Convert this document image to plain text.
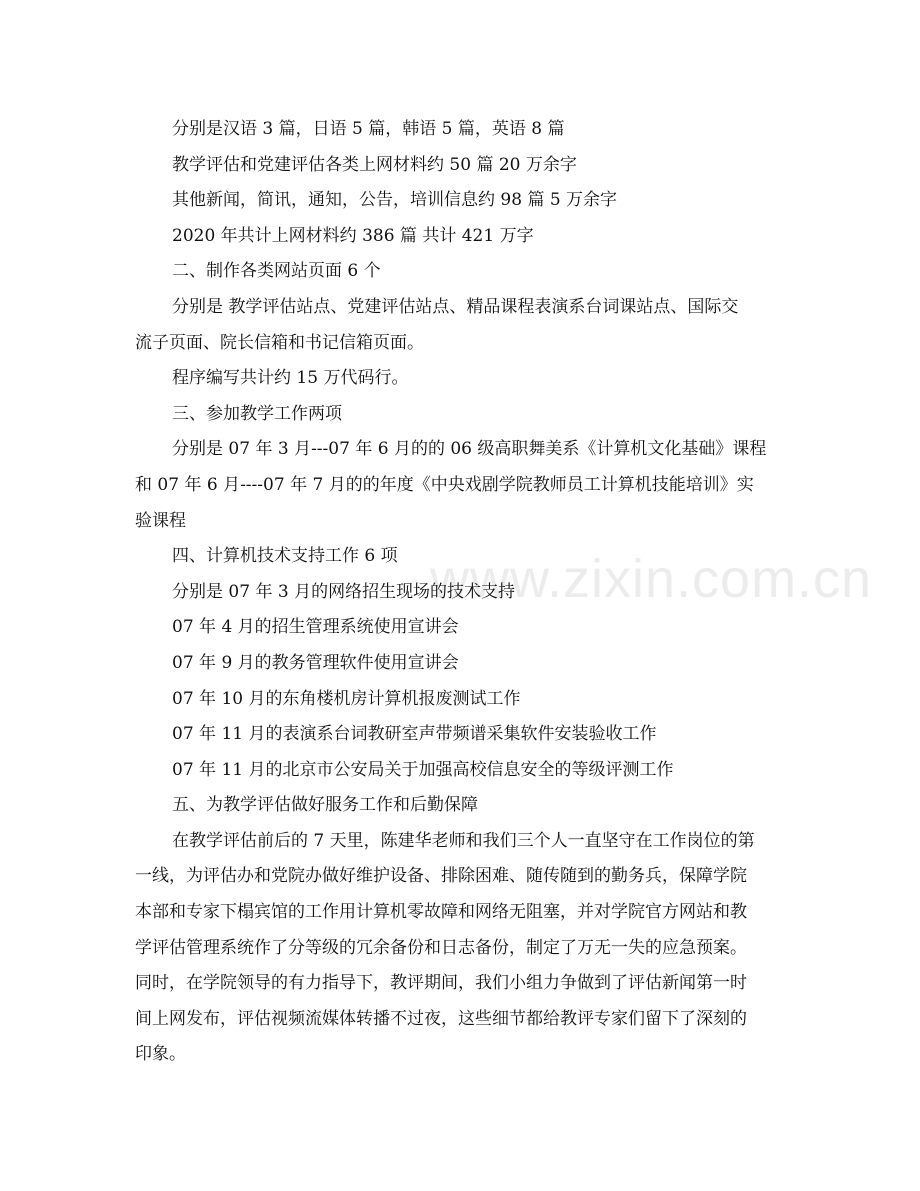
www.zixin.com.cn
分别是汉语 3 篇，日语 5 篇，韩语 5 篇，英语 8 篇
教学评估和党建评估各类上网材料约 50 篇 20 万余字
其他新闻，简讯，通知，公告，培训信息约 98 篇 5 万余字
2020 年共计上网材料约 386 篇 共计 421 万字
二、制作各类网站页面 6 个
分别是 教学评估站点、党建评估站点、精品课程表演系台词课站点、国际交
流子页面、院长信箱和书记信箱页面。
程序编写共计约 15 万代码行。
三、参加教学工作两项
分别是 07 年 3 月---07 年 6 月的的 06 级高职舞美系《计算机文化基础》课程
和 07 年 6 月----07 年 7 月的的年度《中央戏剧学院教师员工计算机技能培训》实
验课程
四、计算机技术支持工作 6 项
分别是 07 年 3 月的网络招生现场的技术支持
07 年 4 月的招生管理系统使用宣讲会
07 年 9 月的教务管理软件使用宣讲会
07 年 10 月的东角楼机房计算机报废测试工作
07 年 11 月的表演系台词教研室声带频谱采集软件安装验收工作
07 年 11 月的北京市公安局关于加强高校信息安全的等级评测工作
五、为教学评估做好服务工作和后勤保障
在教学评估前后的 7 天里，陈建华老师和我们三个人一直坚守在工作岗位的第
一线，为评估办和党院办做好维护设备、排除困难、随传随到的勤务兵，保障学院
本部和专家下榻宾馆的工作用计算机零故障和网络无阻塞，并对学院官方网站和教
学评估管理系统作了分等级的冗余备份和日志备份，制定了万无一失的应急预案。
同时，在学院领导的有力指导下，教评期间，我们小组力争做到了评估新闻第一时
间上网发布，评估视频流媒体转播不过夜，这些细节都给教评专家们留下了深刻的
印象。
